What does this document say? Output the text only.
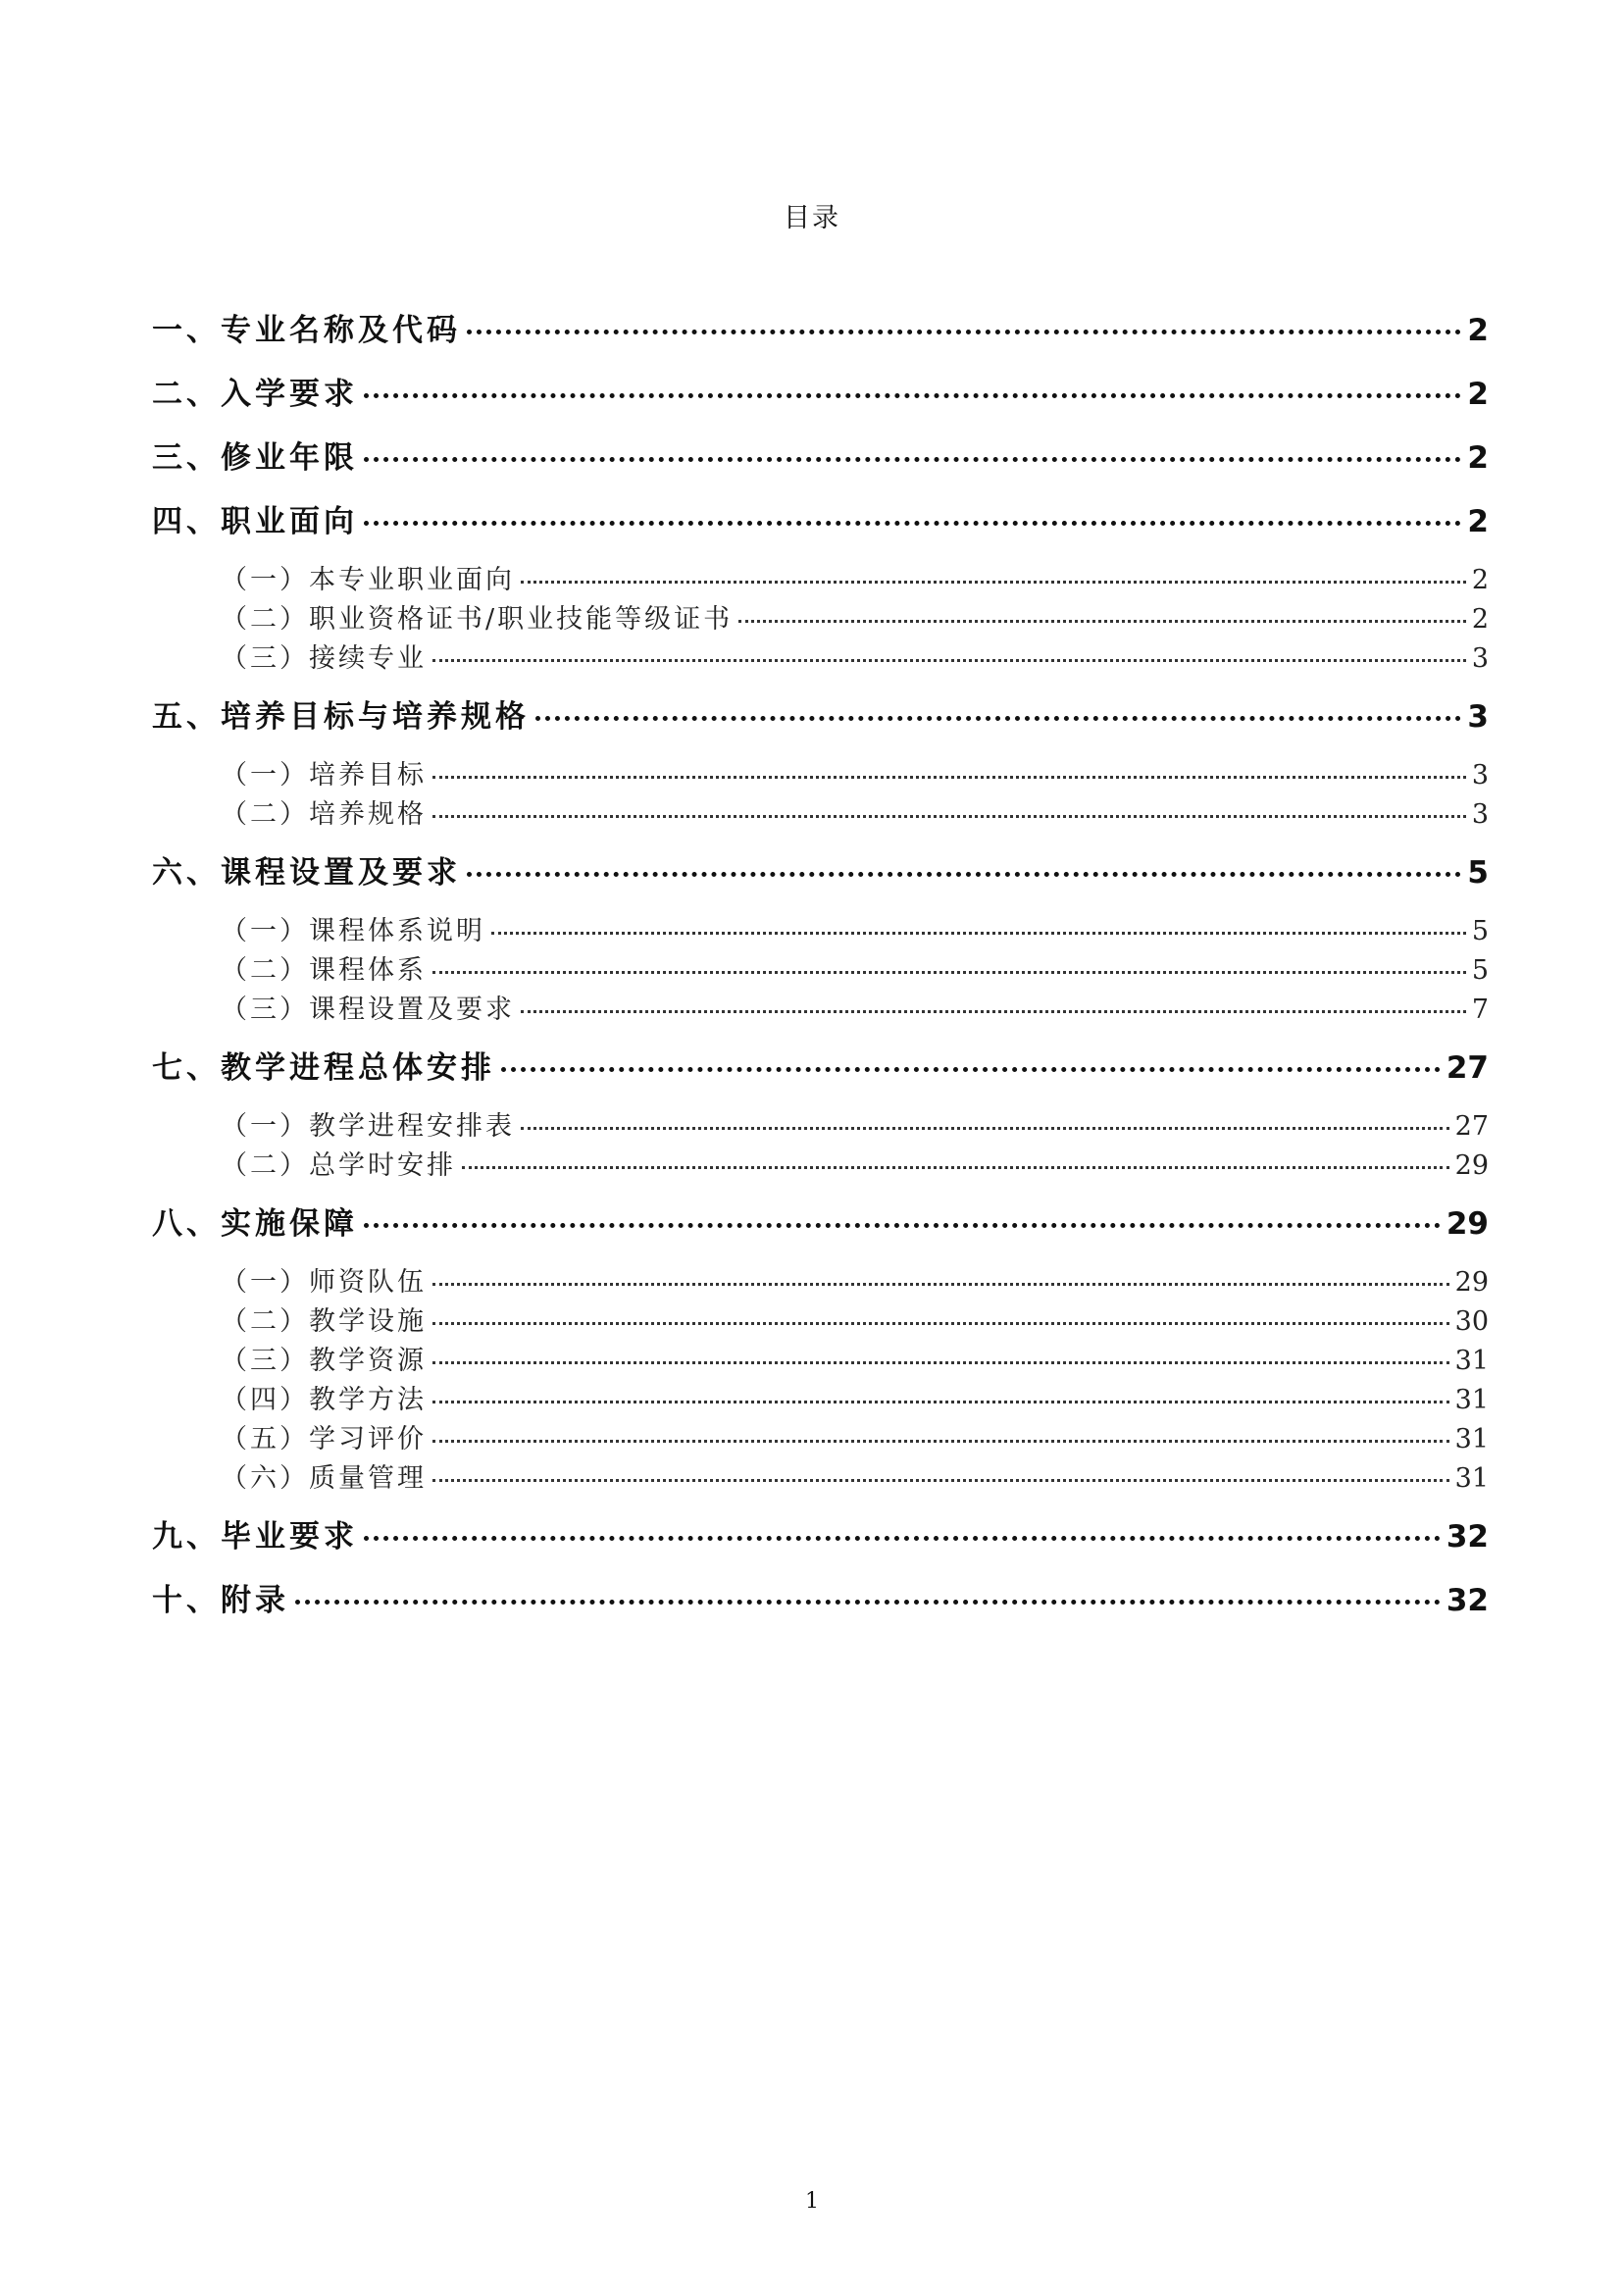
目录
一、专业名称及代码	2
二、入学要求	2
三、修业年限	2
四、职业面向	2
（一）本专业职业面向	2
（二）职业资格证书/职业技能等级证书	2
（三）接续专业	3
五、培养目标与培养规格	3
（一）培养目标	3
（二）培养规格	3
六、课程设置及要求	5
（一）课程体系说明	5
（二）课程体系	5
（三）课程设置及要求	7
七、教学进程总体安排	27
（一）教学进程安排表	27
（二）总学时安排	29
八、实施保障	29
（一）师资队伍	29
（二）教学设施	30
（三）教学资源	31
（四）教学方法	31
（五）学习评价	31
（六）质量管理	31
九、毕业要求	32
十、附录	32
1
